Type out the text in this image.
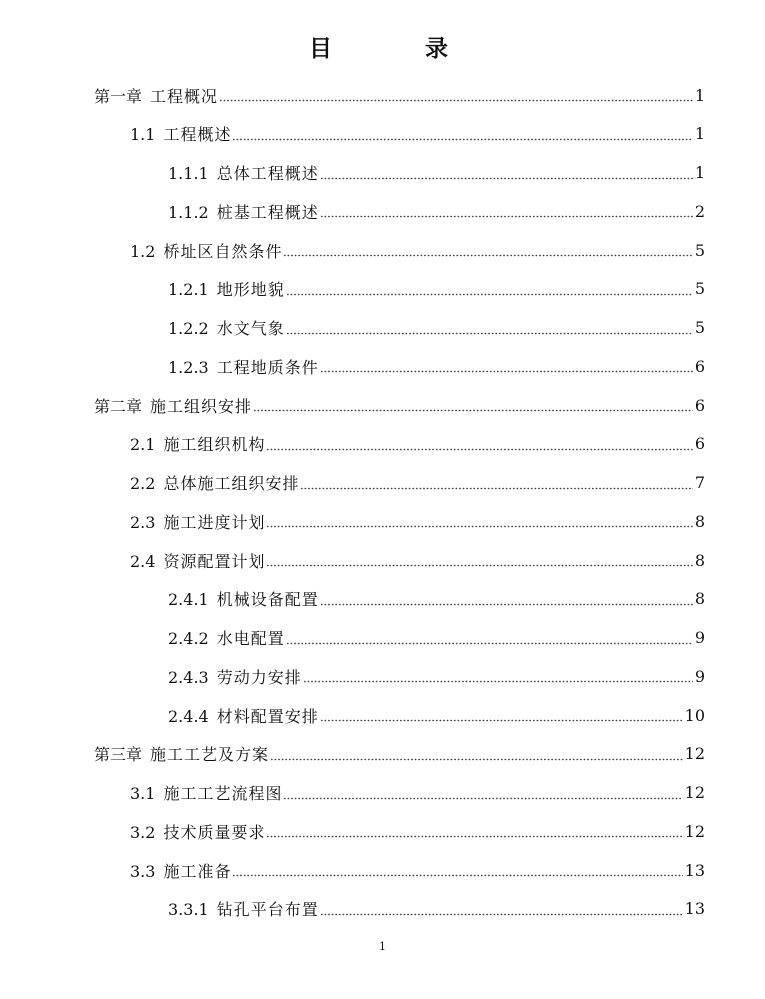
目	录
第一章 工程概况	1
1.1 工程概述	1
1.1.1 总体工程概述	1
1.1.2 桩基工程概述	2
1.2 桥址区自然条件	5
1.2.1 地形地貌	5
1.2.2 水文气象	5
1.2.3 工程地质条件	6
第二章 施工组织安排	6
2.1 施工组织机构	6
2.2 总体施工组织安排	7
2.3 施工进度计划	8
2.4 资源配置计划	8
2.4.1 机械设备配置	8
2.4.2 水电配置	9
2.4.3 劳动力安排	9
2.4.4 材料配置安排	10
第三章 施工工艺及方案	12
3.1 施工工艺流程图	12
3.2 技术质量要求	12
3.3 施工准备	13
3.3.1 钻孔平台布置	13
1
